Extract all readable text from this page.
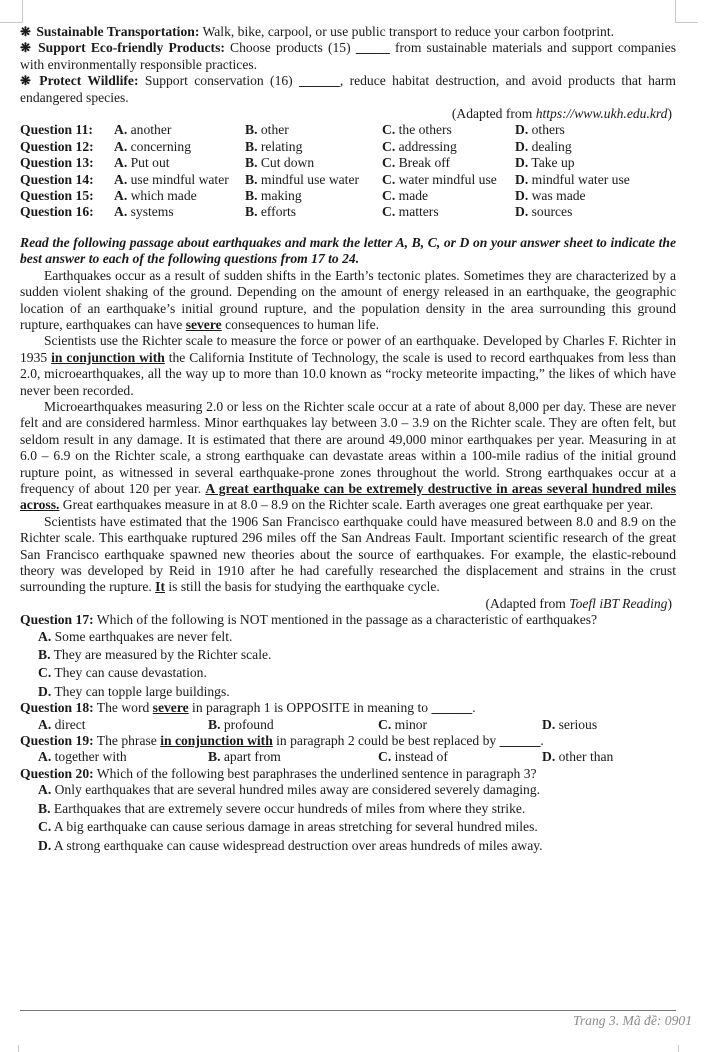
❋ Sustainable Transportation: Walk, bike, carpool, or use public transport to reduce your carbon footprint.

❋ Support Eco-friendly Products: Choose products (15) _____ from sustainable materials and support companies with environmentally responsible practices.

❋ Protect Wildlife: Support conservation (16) ______, reduce habitat destruction, and avoid products that harm endangered species.

(Adapted from https://www.ukh.edu.krd)

Question 11:	A. another	B. other	C. the others	D. others
Question 12:	A. concerning	B. relating	C. addressing	D. dealing
Question 13:	A. Put out	B. Cut down	C. Break off	D. Take up
Question 14:	A. use mindful water	B. mindful use water	C. water mindful use	D. mindful water use
Question 15:	A. which made	B. making	C. made	D. was made
Question 16:	A. systems	B. efforts	C. matters	D. sources

Read the following passage about earthquakes and mark the letter A, B, C, or D on your answer sheet to indicate the best answer to each of the following questions from 17 to 24.

Earthquakes occur as a result of sudden shifts in the Earth’s tectonic plates. Sometimes they are characterized by a sudden violent shaking of the ground. Depending on the amount of energy released in an earthquake, the geographic location of an earthquake’s initial ground rupture, and the population density in the area surrounding this ground rupture, earthquakes can have severe consequences to human life.

Scientists use the Richter scale to measure the force or power of an earthquake. Developed by Charles F. Richter in 1935 in conjunction with the California Institute of Technology, the scale is used to record earthquakes from less than 2.0, microearthquakes, all the way up to more than 10.0 known as “rocky meteorite impacting,” the likes of which have never been recorded.

Microearthquakes measuring 2.0 or less on the Richter scale occur at a rate of about 8,000 per day. These are never felt and are considered harmless. Minor earthquakes lay between 3.0 – 3.9 on the Richter scale. They are often felt, but seldom result in any damage. It is estimated that there are around 49,000 minor earthquakes per year. Measuring in at 6.0 – 6.9 on the Richter scale, a strong earthquake can devastate areas within a 100-mile radius of the initial ground rupture point, as witnessed in several earthquake-prone zones throughout the world. Strong earthquakes occur at a frequency of about 120 per year. A great earthquake can be extremely destructive in areas several hundred miles across. Great earthquakes measure in at 8.0 – 8.9 on the Richter scale. Earth averages one great earthquake per year.

Scientists have estimated that the 1906 San Francisco earthquake could have measured between 8.0 and 8.9 on the Richter scale. This earthquake ruptured 296 miles off the San Andreas Fault. Important scientific research of the great San Francisco earthquake spawned new theories about the source of earthquakes. For example, the elastic-rebound theory was developed by Reid in 1910 after he had carefully researched the displacement and strains in the crust surrounding the rupture. It is still the basis for studying the earthquake cycle.

(Adapted from Toefl iBT Reading)

Question 17: Which of the following is NOT mentioned in the passage as a characteristic of earthquakes?

A. Some earthquakes are never felt.
B. They are measured by the Richter scale.
C. They can cause devastation.
D. They can topple large buildings.

Question 18: The word severe in paragraph 1 is OPPOSITE in meaning to ______.

A. direct	B. profound	C. minor	D. serious

Question 19: The phrase in conjunction with in paragraph 2 could be best replaced by ______.

A. together with	B. apart from	C. instead of	D. other than

Question 20: Which of the following best paraphrases the underlined sentence in paragraph 3?

A. Only earthquakes that are several hundred miles away are considered severely damaging.
B. Earthquakes that are extremely severe occur hundreds of miles from where they strike.
C. A big earthquake can cause serious damage in areas stretching for several hundred miles.
D. A strong earthquake can cause widespread destruction over areas hundreds of miles away.
Trang 3. Mã đề: 0901
